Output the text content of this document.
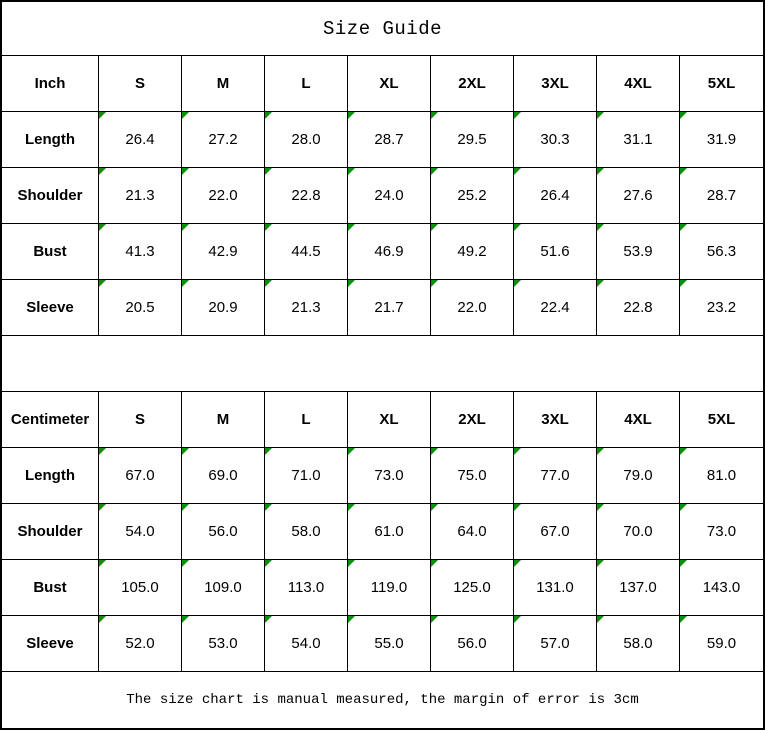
Size Guide
Inch	S	M	L	XL	2XL	3XL	4XL	5XL
Length	26.4	27.2	28.0	28.7	29.5	30.3	31.1	31.9
Shoulder	21.3	22.0	22.8	24.0	25.2	26.4	27.6	28.7
Bust	41.3	42.9	44.5	46.9	49.2	51.6	53.9	56.3
Sleeve	20.5	20.9	21.3	21.7	22.0	22.4	22.8	23.2
Centimeter	S	M	L	XL	2XL	3XL	4XL	5XL
Length	67.0	69.0	71.0	73.0	75.0	77.0	79.0	81.0
Shoulder	54.0	56.0	58.0	61.0	64.0	67.0	70.0	73.0
Bust	105.0	109.0	113.0	119.0	125.0	131.0	137.0	143.0
Sleeve	52.0	53.0	54.0	55.0	56.0	57.0	58.0	59.0
The size chart is manual measured, the margin of error is 3cm
